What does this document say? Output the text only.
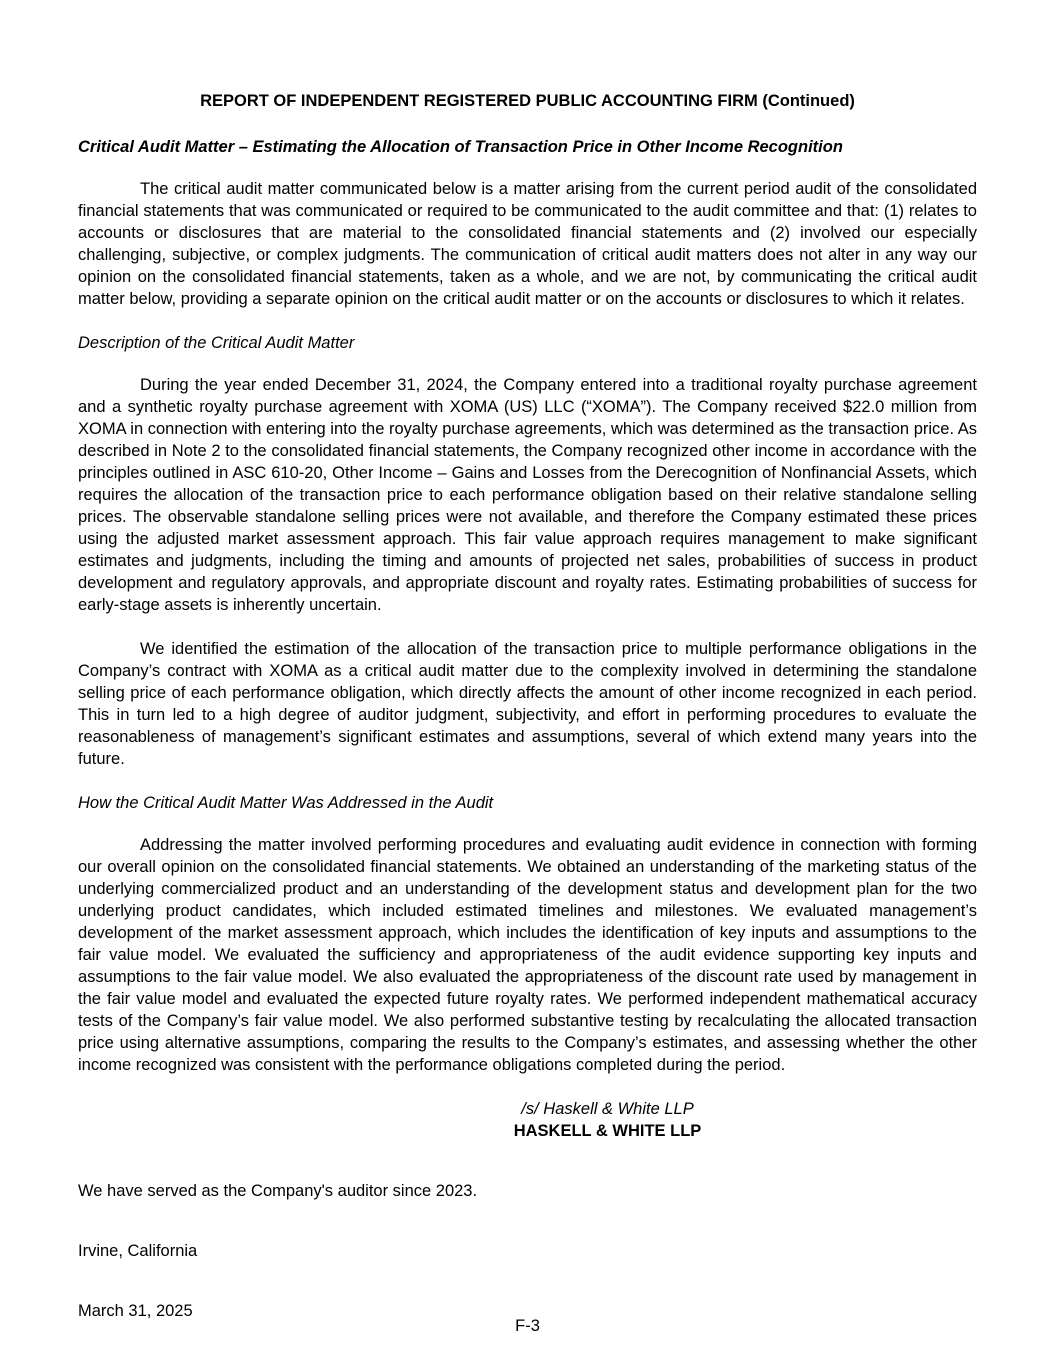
REPORT OF INDEPENDENT REGISTERED PUBLIC ACCOUNTING FIRM (Continued)
Critical Audit Matter – Estimating the Allocation of Transaction Price in Other Income Recognition

The critical audit matter communicated below is a matter arising from the current period audit of the consolidated financial statements that was communicated or required to be communicated to the audit committee and that: (1) relates to accounts or disclosures that are material to the consolidated financial statements and (2) involved our especially challenging, subjective, or complex judgments. The communication of critical audit matters does not alter in any way our opinion on the consolidated financial statements, taken as a whole, and we are not, by communicating the critical audit matter below, providing a separate opinion on the critical audit matter or on the accounts or disclosures to which it relates.

Description of the Critical Audit Matter

During the year ended December 31, 2024, the Company entered into a traditional royalty purchase agreement and a synthetic royalty purchase agreement with XOMA (US) LLC (“XOMA”). The Company received $22.0 million from XOMA in connection with entering into the royalty purchase agreements, which was determined as the transaction price. As described in Note 2 to the consolidated financial statements, the Company recognized other income in accordance with the principles outlined in ASC 610-20, Other Income – Gains and Losses from the Derecognition of Nonfinancial Assets, which requires the allocation of the transaction price to each performance obligation based on their relative standalone selling prices. The observable standalone selling prices were not available, and therefore the Company estimated these prices using the adjusted market assessment approach. This fair value approach requires management to make significant estimates and judgments, including the timing and amounts of projected net sales, probabilities of success in product development and regulatory approvals, and appropriate discount and royalty rates. Estimating probabilities of success for early-stage assets is inherently uncertain.

We identified the estimation of the allocation of the transaction price to multiple performance obligations in the Company’s contract with XOMA as a critical audit matter due to the complexity involved in determining the standalone selling price of each performance obligation, which directly affects the amount of other income recognized in each period. This in turn led to a high degree of auditor judgment, subjectivity, and effort in performing procedures to evaluate the reasonableness of management’s significant estimates and assumptions, several of which extend many years into the future.

How the Critical Audit Matter Was Addressed in the Audit

Addressing the matter involved performing procedures and evaluating audit evidence in connection with forming our overall opinion on the consolidated financial statements. We obtained an understanding of the marketing status of the underlying commercialized product and an understanding of the development status and development plan for the two underlying product candidates, which included estimated timelines and milestones. We evaluated management’s development of the market assessment approach, which includes the identification of key inputs and assumptions to the fair value model. We evaluated the sufficiency and appropriateness of the audit evidence supporting key inputs and assumptions to the fair value model. We also evaluated the appropriateness of the discount rate used by management in the fair value model and evaluated the expected future royalty rates. We performed independent mathematical accuracy tests of the Company’s fair value model. We also performed substantive testing by recalculating the allocated transaction price using alternative assumptions, comparing the results to the Company’s estimates, and assessing whether the other income recognized was consistent with the performance obligations completed during the period.

/s/ Haskell & White LLP
HASKELL & WHITE LLP
We have served as the Company's auditor since 2023.
Irvine, California
March 31, 2025
F-3
